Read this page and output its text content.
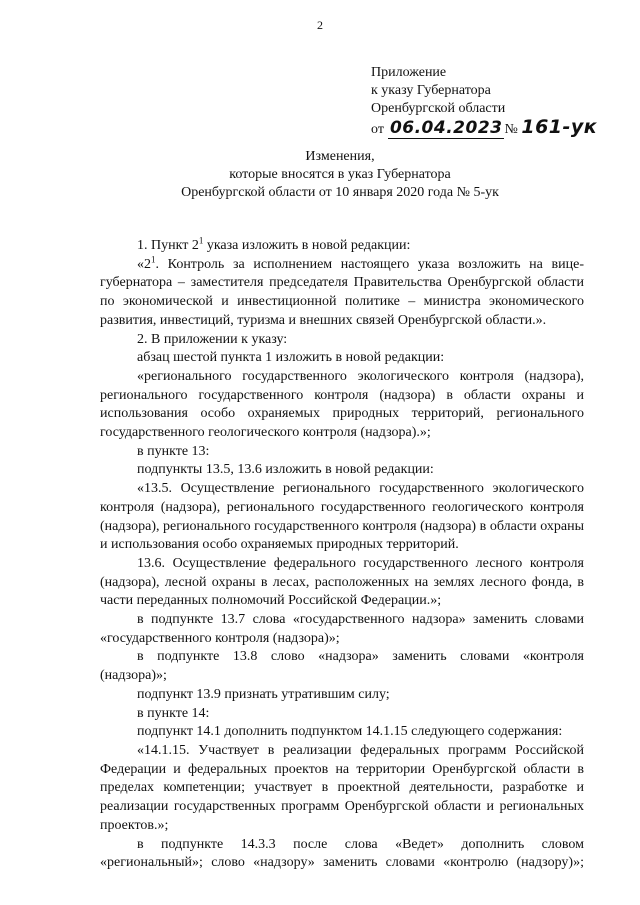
2
Приложение
к указу Губернатора
Оренбургской области
от 06.04.2023 № 161-ук
Изменения,
которые вносятся в указ Губернатора
Оренбургской области от 10 января 2020 года № 5-ук

1. Пункт $2^1$ указа изложить в новой редакции:

«$2^1$. Контроль за исполнением настоящего указа возложить на вице-губернатора – заместителя председателя Правительства Оренбургской области по экономической и инвестиционной политике – министра экономического развития, инвестиций, туризма и внешних связей Оренбургской области.».

2. В приложении к указу:

абзац шестой пункта 1 изложить в новой редакции:

«регионального государственного экологического контроля (надзора), регионального государственного контроля (надзора) в области охраны и использования особо охраняемых природных территорий, регионального государственного геологического контроля (надзора).»;

в пункте 13:

подпункты 13.5, 13.6 изложить в новой редакции:

«13.5. Осуществление регионального государственного экологического контроля (надзора), регионального государственного геологического контроля (надзора), регионального государственного контроля (надзора) в области охраны и использования особо охраняемых природных территорий.

13.6. Осуществление федерального государственного лесного контроля (надзора), лесной охраны в лесах, расположенных на землях лесного фонда, в части переданных полномочий Российской Федерации.»;

в подпункте 13.7 слова «государственного надзора» заменить словами «государственного контроля (надзора)»;

в подпункте 13.8 слово «надзора» заменить словами «контроля (надзора)»;

подпункт 13.9 признать утратившим силу;

в пункте 14:

подпункт 14.1 дополнить подпунктом 14.1.15 следующего содержания:

«14.1.15. Участвует в реализации федеральных программ Российской Федерации и федеральных проектов на территории Оренбургской области в пределах компетенции; участвует в проектной деятельности, разработке и реализации государственных программ Оренбургской области и региональных проектов.»;

в подпункте 14.3.3 после слова «Ведет» дополнить словом «региональный»; слово «надзору» заменить словами «контролю (надзору)»;
